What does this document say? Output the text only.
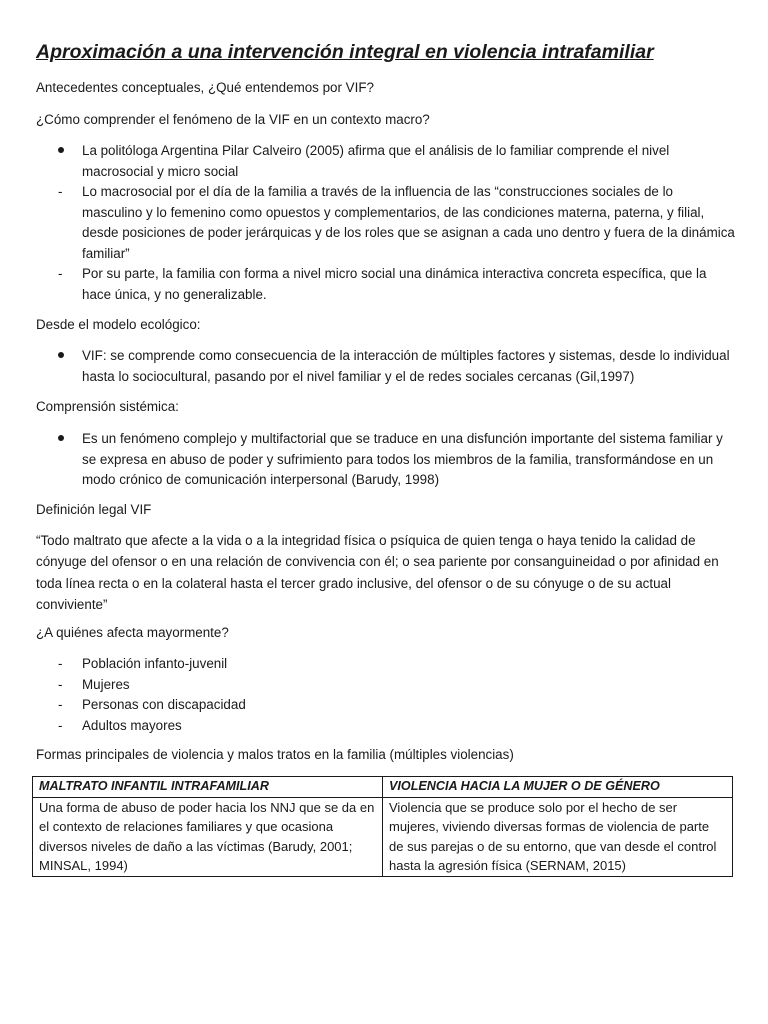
Aproximación a una intervención integral en violencia intrafamiliar

Antecedentes conceptuales, ¿Qué entendemos por VIF?

¿Cómo comprender el fenómeno de la VIF en un contexto macro?

La politóloga Argentina Pilar Calveiro (2005) afirma que el análisis de lo familiar comprende el nivel macrosocial y micro social
- Lo macrosocial por el día de la familia a través de la influencia de las “construcciones sociales de lo masculino y lo femenino como opuestos y complementarios, de las condiciones materna, paterna, y filial, desde posiciones de poder jerárquicas y de los roles que se asignan a cada uno dentro y fuera de la dinámica familiar”
- Por su parte, la familia con forma a nivel micro social una dinámica interactiva concreta específica, que la hace única, y no generalizable.

Desde el modelo ecológico:

VIF: se comprende como consecuencia de la interacción de múltiples factores y sistemas, desde lo individual hasta lo sociocultural, pasando por el nivel familiar y el de redes sociales cercanas (Gil,1997)

Comprensión sistémica:

Es un fenómeno complejo y multifactorial que se traduce en una disfunción importante del sistema familiar y se expresa en abuso de poder y sufrimiento para todos los miembros de la familia, transformándose en un modo crónico de comunicación interpersonal (Barudy, 1998)

Definición legal VIF

“Todo maltrato que afecte a la vida o a la integridad física o psíquica de quien tenga o haya tenido la calidad de cónyuge del ofensor o en una relación de convivencia con él; o sea pariente por consanguineidad o por afinidad en toda línea recta o en la colateral hasta el tercer grado inclusive, del ofensor o de su cónyuge o de su actual conviviente”

¿A quiénes afecta mayormente?

- Población infanto-juvenil
- Mujeres
- Personas con discapacidad
- Adultos mayores

Formas principales de violencia y malos tratos en la familia (múltiples violencias)

MALTRATO INFANTIL INTRAFAMILIAR	VIOLENCIA HACIA LA MUJER O DE GÉNERO
Una forma de abuso de poder hacia los NNJ que se da en el contexto de relaciones familiares y que ocasiona diversos niveles de daño a las víctimas (Barudy, 2001; MINSAL, 1994)	Violencia que se produce solo por el hecho de ser mujeres, viviendo diversas formas de violencia de parte de sus parejas o de su entorno, que van desde el control hasta la agresión física (SERNAM, 2015)
